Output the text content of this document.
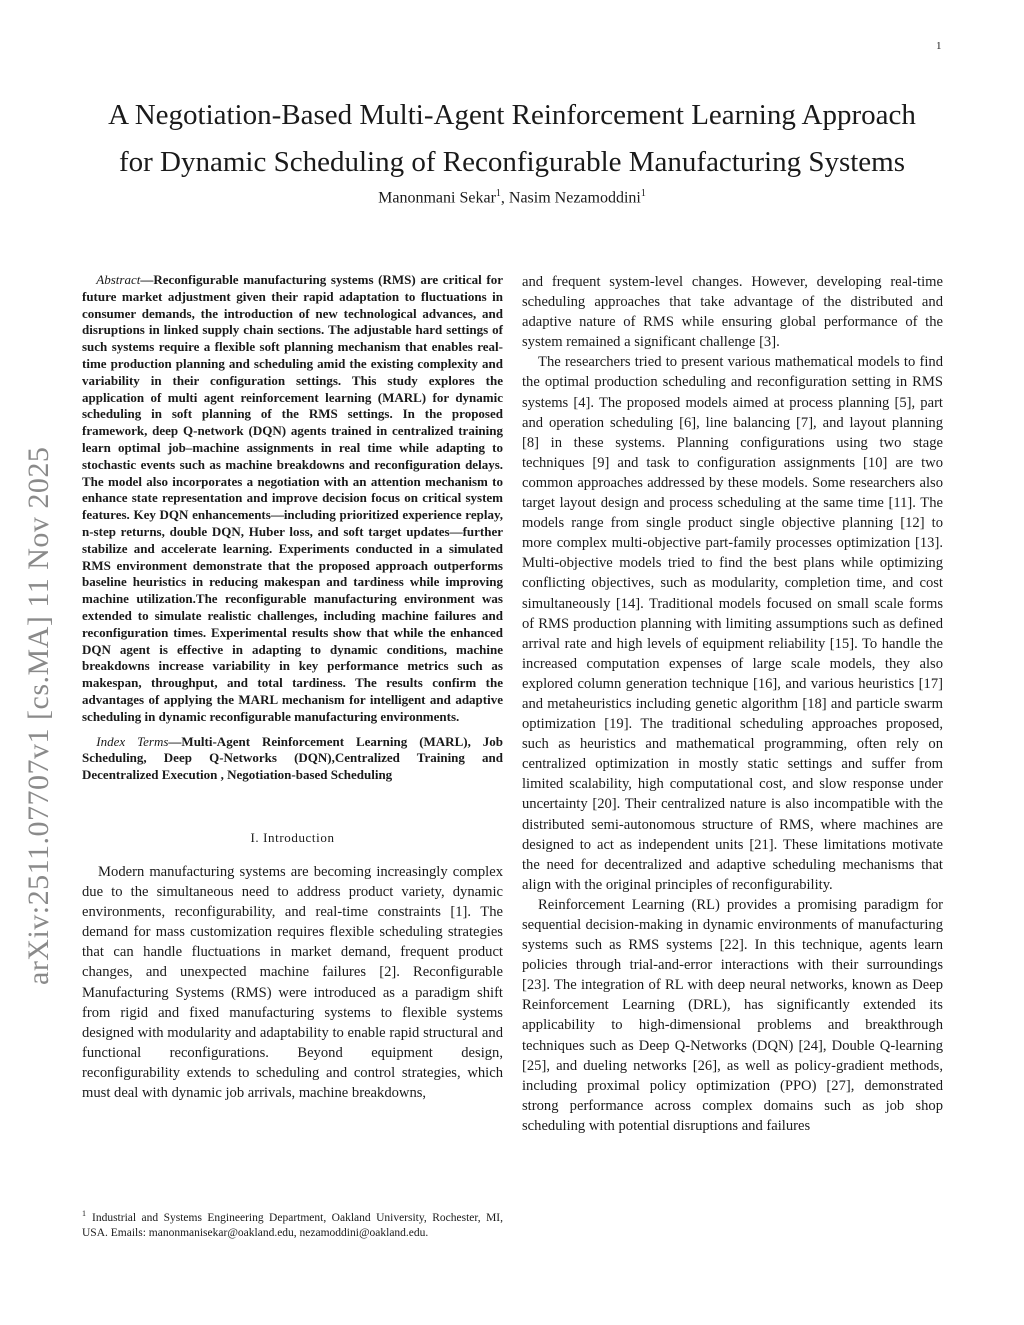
1
arXiv:2511.07707v1 [cs.MA] 11 Nov 2025
A Negotiation-Based Multi-Agent Reinforcement Learning Approach
for Dynamic Scheduling of Reconfigurable Manufacturing Systems
Manonmani Sekar$^1$, Nasim Nezamoddini$^1$

Abstract—Reconfigurable manufacturing systems (RMS) are critical for future market adjustment given their rapid adaptation to fluctuations in consumer demands, the introduction of new technological advances, and disruptions in linked supply chain sections. The adjustable hard settings of such systems require a flexible soft planning mechanism that enables real-time production planning and scheduling amid the existing complexity and variability in their configuration settings. This study explores the application of multi agent reinforcement learning (MARL) for dynamic scheduling in soft planning of the RMS settings. In the proposed framework, deep Q-network (DQN) agents trained in centralized training learn optimal job–machine assignments in real time while adapting to stochastic events such as machine breakdowns and reconfiguration delays. The model also incorporates a negotiation with an attention mechanism to enhance state representation and improve decision focus on critical system features. Key DQN enhancements—including prioritized experience replay, n-step returns, double DQN, Huber loss, and soft target updates—further stabilize and accelerate learning. Experiments conducted in a simulated RMS environment demonstrate that the proposed approach outperforms baseline heuristics in reducing makespan and tardiness while improving machine utilization.The reconfigurable manufacturing environment was extended to simulate realistic challenges, including machine failures and reconfiguration times. Experimental results show that while the enhanced DQN agent is effective in adapting to dynamic conditions, machine breakdowns increase variability in key performance metrics such as makespan, throughput, and total tardiness. The results confirm the advantages of applying the MARL mechanism for intelligent and adaptive scheduling in dynamic reconfigurable manufacturing environments.

Index Terms—Multi-Agent Reinforcement Learning (MARL), Job Scheduling, Deep Q-Networks (DQN),Centralized Training and Decentralized Execution , Negotiation-based Scheduling

I. Introduction

Modern manufacturing systems are becoming increasingly complex due to the simultaneous need to address product variety, dynamic environments, reconfigurability, and real-time constraints [1]. The demand for mass customization requires flexible scheduling strategies that can handle fluctuations in market demand, frequent product changes, and unexpected machine failures [2]. Reconfigurable Manufacturing Systems (RMS) were introduced as a paradigm shift from rigid and fixed manufacturing systems to flexible systems designed with modularity and adaptability to enable rapid structural and functional reconfigurations. Beyond equipment design, reconfigurability extends to scheduling and control strategies, which must deal with dynamic job arrivals, machine breakdowns,

and frequent system-level changes. However, developing real-time scheduling approaches that take advantage of the distributed and adaptive nature of RMS while ensuring global performance of the system remained a significant challenge [3].

The researchers tried to present various mathematical models to find the optimal production scheduling and reconfiguration setting in RMS systems [4]. The proposed models aimed at process planning [5], part and operation scheduling [6], line balancing [7], and layout planning [8] in these systems. Planning configurations using two stage techniques [9] and task to configuration assignments [10] are two common approaches addressed by these models. Some researchers also target layout design and process scheduling at the same time [11]. The models range from single product single objective planning [12] to more complex multi-objective part-family processes optimization [13]. Multi-objective models tried to find the best plans while optimizing conflicting objectives, such as modularity, completion time, and cost simultaneously [14]. Traditional models focused on small scale forms of RMS production planning with limiting assumptions such as defined arrival rate and high levels of equipment reliability [15]. To handle the increased computation expenses of large scale models, they also explored column generation technique [16], and various heuristics [17] and metaheuristics including genetic algorithm [18] and particle swarm optimization [19]. The traditional scheduling approaches proposed, such as heuristics and mathematical programming, often rely on centralized optimization in mostly static settings and suffer from limited scalability, high computational cost, and slow response under uncertainty [20]. Their centralized nature is also incompatible with the distributed semi-autonomous structure of RMS, where machines are designed to act as independent units [21]. These limitations motivate the need for decentralized and adaptive scheduling mechanisms that align with the original principles of reconfigurability.

Reinforcement Learning (RL) provides a promising paradigm for sequential decision-making in dynamic environments of manufacturing systems such as RMS systems [22]. In this technique, agents learn policies through trial-and-error interactions with their surroundings [23]. The integration of RL with deep neural networks, known as Deep Reinforcement Learning (DRL), has significantly extended its applicability to high-dimensional problems and breakthrough techniques such as Deep Q-Networks (DQN) [24], Double Q-learning [25], and dueling networks [26], as well as policy-gradient methods, including proximal policy optimization (PPO) [27], demonstrated strong performance across complex domains such as job shop scheduling with potential disruptions and failures

$^1$ Industrial and Systems Engineering Department, Oakland University, Rochester, MI, USA. Emails: manonmanisekar@oakland.edu, nezamoddini@oakland.edu.
